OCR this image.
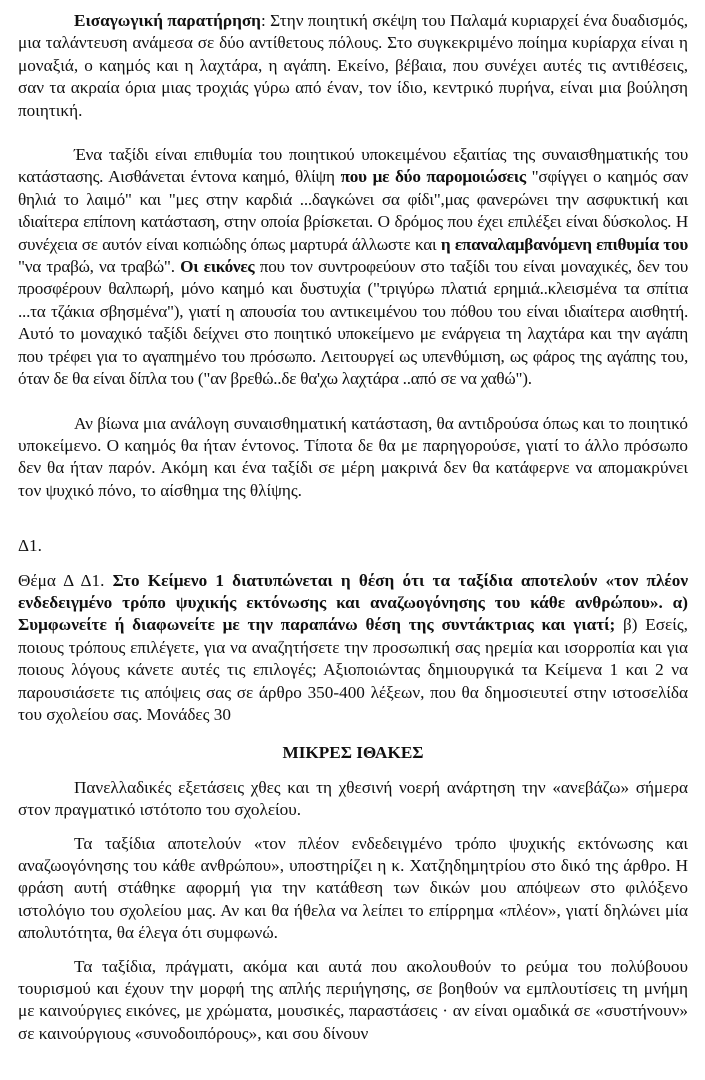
Εισαγωγική παρατήρηση: Στην ποιητική σκέψη του Παλαμά κυριαρχεί ένα δυαδισμός, μια ταλάντευση ανάμεσα σε δύο αντίθετους πόλους. Στο συγκεκριμένο ποίημα κυρίαρχα είναι η μοναξιά, ο καημός και η λαχτάρα, η αγάπη. Εκείνο, βέβαια, που συνέχει αυτές τις αντιθέσεις, σαν τα ακραία όρια μιας τροχιάς γύρω από έναν, τον ίδιο, κεντρικό πυρήνα, είναι μια βούληση ποιητική.

Ένα ταξίδι είναι επιθυμία του ποιητικού υποκειμένου εξαιτίας της συναισθηματικής του κατάστασης. Αισθάνεται έντονα καημό, θλίψη που με δύο παρομοιώσεις "σφίγγει ο καημός σαν θηλιά το λαιμό" και "μες στην καρδιά ...δαγκώνει σα φίδι",μας φανερώνει την ασφυκτική και ιδιαίτερα επίπονη κατάσταση, στην οποία βρίσκεται. Ο δρόμος που έχει επιλέξει είναι δύσκολος. Η συνέχεια σε αυτόν είναι κοπιώδης όπως μαρτυρά άλλωστε και η επαναλαμβανόμενη επιθυμία του "να τραβώ, να τραβώ". Οι εικόνες που τον συντροφεύουν στο ταξίδι του είναι μοναχικές, δεν του προσφέρουν θαλπωρή, μόνο καημό και δυστυχία ("τριγύρω πλατιά ερημιά..κλεισμένα τα σπίτια ...τα τζάκια σβησμένα"), γιατί η απουσία του αντικειμένου του πόθου του είναι ιδιαίτερα αισθητή. Αυτό το μοναχικό ταξίδι δείχνει στο ποιητικό υποκείμενο με ενάργεια τη λαχτάρα και την αγάπη που τρέφει για το αγαπημένο του πρόσωπο. Λειτουργεί ως υπενθύμιση, ως φάρος της αγάπης του, όταν δε θα είναι δίπλα του ("αν βρεθώ..δε θα'χω λαχτάρα ..από σε να χαθώ").

Αν βίωνα μια ανάλογη συναισθηματική κατάσταση, θα αντιδρούσα όπως και το ποιητικό υποκείμενο. Ο καημός θα ήταν έντονος. Τίποτα δε θα με παρηγορούσε, γιατί το άλλο πρόσωπο δεν θα ήταν παρόν. Ακόμη και ένα ταξίδι σε μέρη μακρινά δεν θα κατάφερνε να απομακρύνει τον ψυχικό πόνο, το αίσθημα της θλίψης.

Δ1.

Θέμα Δ Δ1. Στο Κείμενο 1 διατυπώνεται η θέση ότι τα ταξίδια αποτελούν «τον πλέον ενδεδειγμένο τρόπο ψυχικής εκτόνωσης και αναζωογόνησης του κάθε ανθρώπου». α) Συμφωνείτε ή διαφωνείτε με την παραπάνω θέση της συντάκτριας και γιατί; β) Εσείς, ποιους τρόπους επιλέγετε, για να αναζητήσετε την προσωπική σας ηρεμία και ισορροπία και για ποιους λόγους κάνετε αυτές τις επιλογές; Αξιοποιώντας δημιουργικά τα Κείμενα 1 και 2 να παρουσιάσετε τις απόψεις σας σε άρθρο 350-400 λέξεων, που θα δημοσιευτεί στην ιστοσελίδα του σχολείου σας. Μονάδες 30

ΜΙΚΡΕΣ ΙΘΑΚΕΣ

Πανελλαδικές εξετάσεις χθες και τη χθεσινή νοερή ανάρτηση την «ανεβάζω» σήμερα στον πραγματικό ιστότοπο του σχολείου.

Τα ταξίδια αποτελούν «τον πλέον ενδεδειγμένο τρόπο ψυχικής εκτόνωσης και αναζωογόνησης του κάθε ανθρώπου», υποστηρίζει η κ. Χατζηδημητρίου στο δικό της άρθρο. Η φράση αυτή στάθηκε αφορμή για την κατάθεση των δικών μου απόψεων στο φιλόξενο ιστολόγιο του σχολείου μας. Αν και θα ήθελα να λείπει το επίρρημα «πλέον», γιατί δηλώνει μία απολυτότητα, θα έλεγα ότι συμφωνώ.

Τα ταξίδια, πράγματι, ακόμα και αυτά που ακολουθούν το ρεύμα του πολύβουου τουρισμού και έχουν την μορφή της απλής περιήγησης, σε βοηθούν να εμπλουτίσεις τη μνήμη με καινούργιες εικόνες, με χρώματα, μουσικές, παραστάσεις · αν είναι ομαδικά σε «συστήνουν» σε καινούργιους «συνοδοιπόρους», και σου δίνουν
